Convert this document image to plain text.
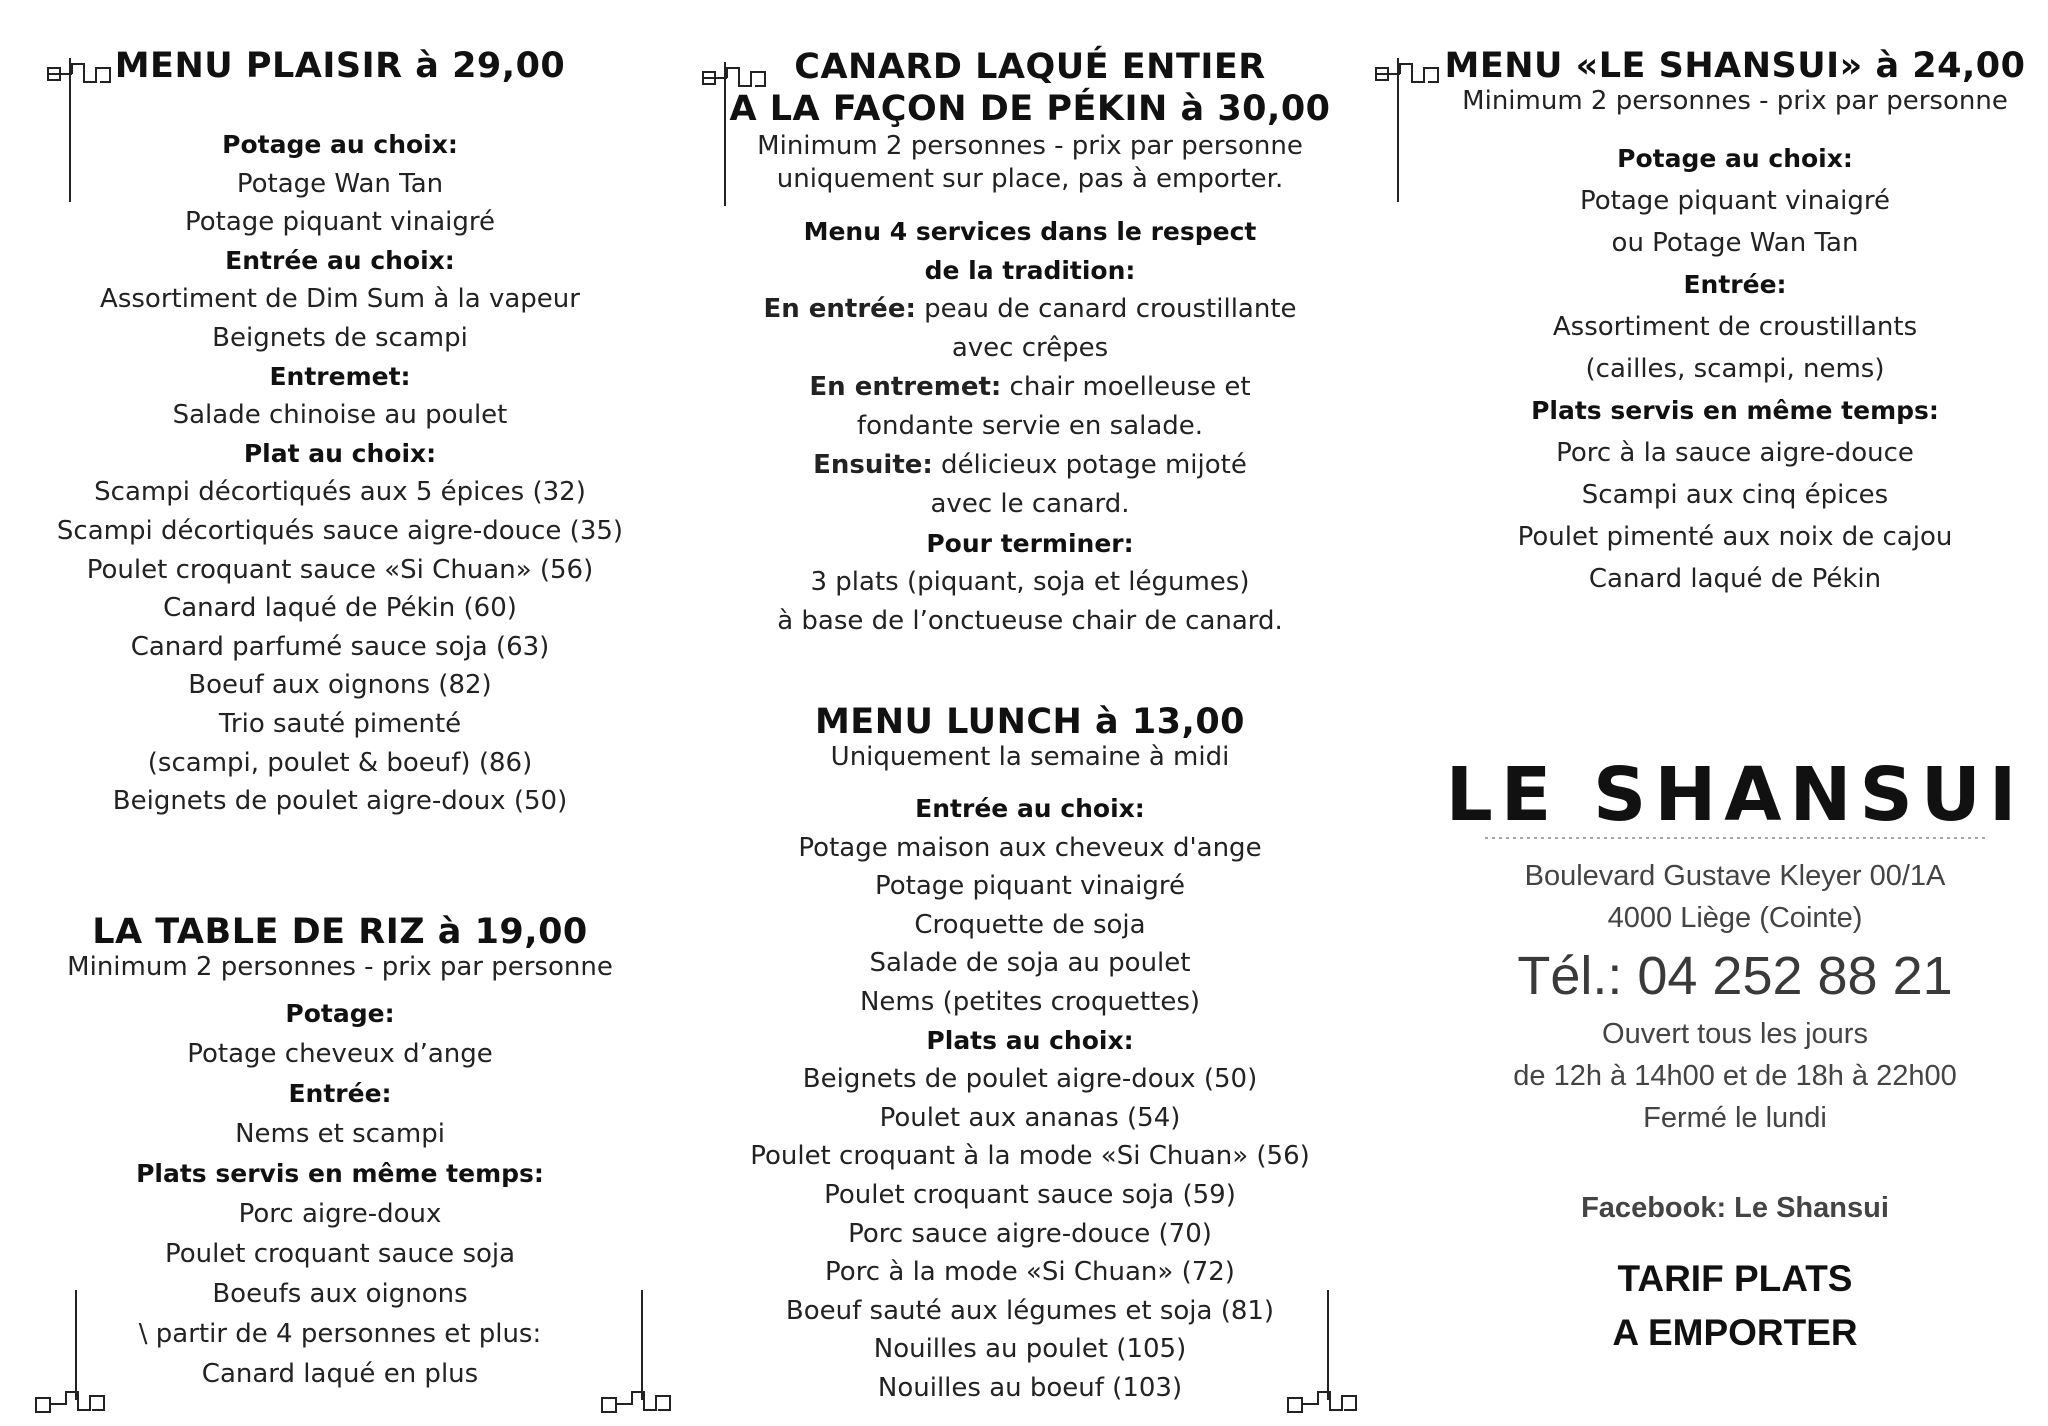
MENU PLAISIR à 29,00
Potage au choix:
Potage Wan Tan
Potage piquant vinaigré
Entrée au choix:
Assortiment de Dim Sum à la vapeur
Beignets de scampi
Entremet:
Salade chinoise au poulet
Plat au choix:
Scampi décortiqués aux 5 épices (32)
Scampi décortiqués sauce aigre-douce (35)
Poulet croquant sauce «Si Chuan» (56)
Canard laqué de Pékin (60)
Canard parfumé sauce soja (63)
Boeuf aux oignons (82)
Trio sauté pimenté
(scampi, poulet & boeuf) (86)
Beignets de poulet aigre-doux (50)
LA TABLE DE RIZ à 19,00
Minimum 2 personnes - prix par personne
Potage:
Potage cheveux d’ange
Entrée:
Nems et scampi
Plats servis en même temps:
Porc aigre-doux
Poulet croquant sauce soja
Boeufs aux oignons
\ partir de 4 personnes et plus:
Canard laqué en plus
CANARD LAQUÉ ENTIER
A LA FAÇON DE PÉKIN à 30,00
Minimum 2 personnes - prix par personne
uniquement sur place, pas à emporter.
Menu 4 services dans le respect
de la tradition:
En entrée: peau de canard croustillante
avec crêpes
En entremet: chair moelleuse et
fondante servie en salade.
Ensuite: délicieux potage mijoté
avec le canard.
Pour terminer:
3 plats (piquant, soja et légumes)
à base de l’onctueuse chair de canard.
MENU LUNCH à 13,00
Uniquement la semaine à midi
Entrée au choix:
Potage maison aux cheveux d'ange
Potage piquant vinaigré
Croquette de soja
Salade de soja au poulet
Nems (petites croquettes)
Plats au choix:
Beignets de poulet aigre-doux (50)
Poulet aux ananas (54)
Poulet croquant à la mode «Si Chuan» (56)
Poulet croquant sauce soja (59)
Porc sauce aigre-douce (70)
Porc à la mode «Si Chuan» (72)
Boeuf sauté aux légumes et soja (81)
Nouilles au poulet (105)
Nouilles au boeuf (103)
MENU «LE SHANSUI» à 24,00
Minimum 2 personnes - prix par personne
Potage au choix:
Potage piquant vinaigré
ou Potage Wan Tan
Entrée:
Assortiment de croustillants
(cailles, scampi, nems)
Plats servis en même temps:
Porc à la sauce aigre-douce
Scampi aux cinq épices
Poulet pimenté aux noix de cajou
Canard laqué de Pékin
LE SHANSUI
Boulevard Gustave Kleyer 00/1A
4000 Liège (Cointe)
Tél.: 04 252 88 21
Ouvert tous les jours
de 12h à 14h00 et de 18h à 22h00
Fermé le lundi
Facebook: Le Shansui
TARIF PLATS
A EMPORTER
